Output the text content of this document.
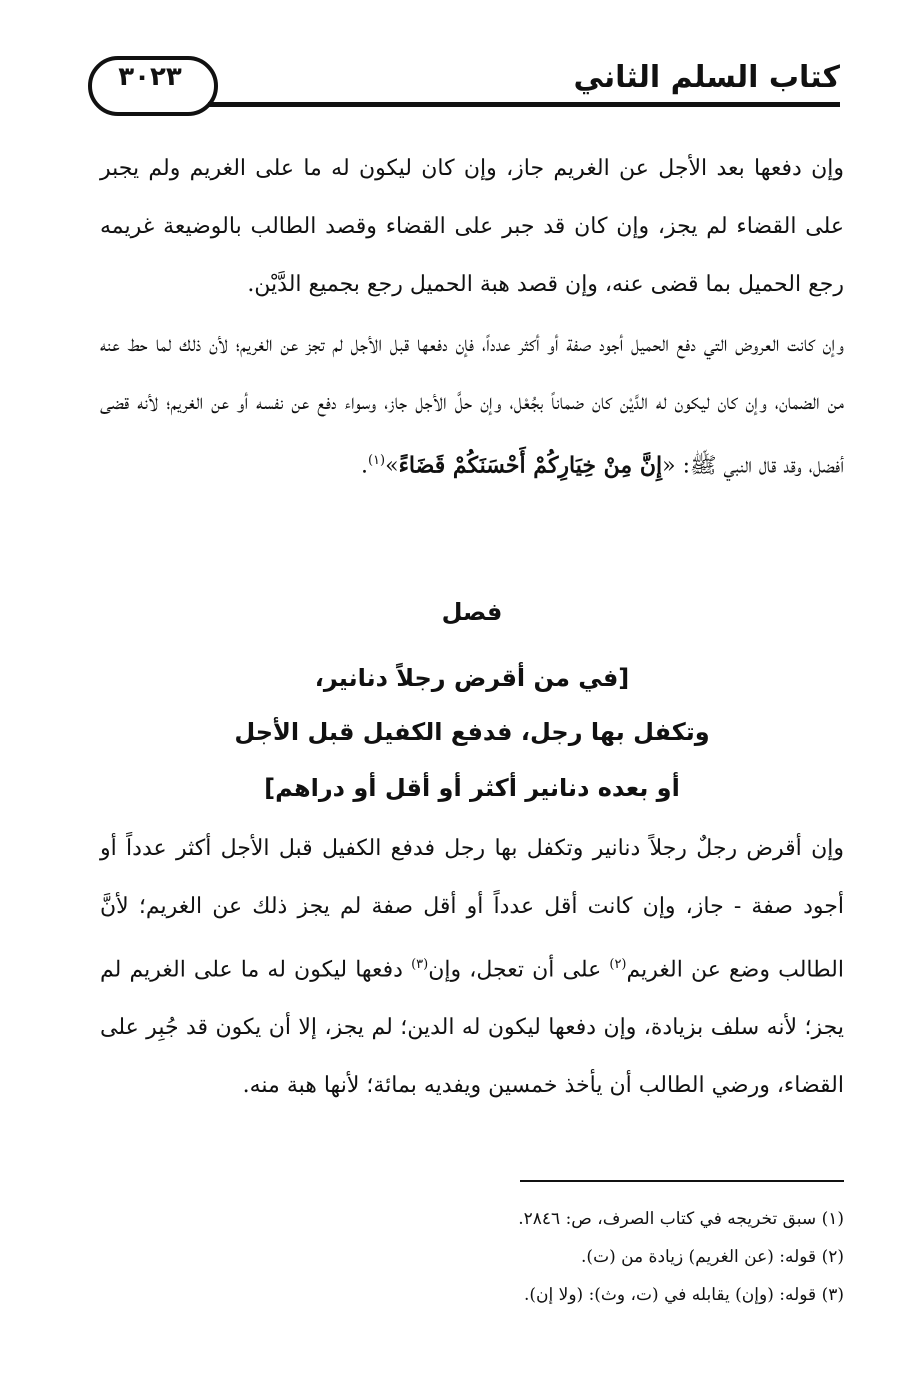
كتاب السلم الثاني
٣٠٢٣

وإن دفعها بعد الأجل عن الغريم جاز، وإن كان ليكون له ما على الغريم ولم يجبر على القضاء لم يجز، وإن كان قد جبر على القضاء وقصد الطالب بالوضيعة غريمه رجع الحميل بما قضى عنه، وإن قصد هبة الحميل رجع بجميع الدَّيْن.

وإن كانت العروض التي دفع الحميل أجود صفة أو أكثر عدداً، فإن دفعها قبل الأجل لم تجز عن الغريم؛ لأن ذلك لما حط عنه من الضمان، وإن كان ليكون له الدَّيْن كان ضماناً بجُعْل، وإن حلَّ الأجل جاز، وسواء دفع عن نفسه أو عن الغريم؛ لأنه قضى أفضل، وقد قال النبي ﷺ: «إِنَّ مِنْ خِيَارِكُمْ أَحْسَنَكُمْ قَضَاءً»$^{(١)}$.

فصل
[في من أقرض رجلاً دنانير،
وتكفل بها رجل، فدفع الكفيل قبل الأجل
أو بعده دنانير أكثر أو أقل أو دراهم]

وإن أقرض رجلٌ رجلاً دنانير وتكفل بها رجل فدفع الكفيل قبل الأجل أكثر عدداً أو أجود صفة - جاز، وإن كانت أقل عدداً أو أقل صفة لم يجز ذلك عن الغريم؛ لأنَّ الطالب وضع عن الغريم$^{(٢)}$ على أن تعجل، وإن$^{(٣)}$ دفعها ليكون له ما على الغريم لم يجز؛ لأنه سلف بزيادة، وإن دفعها ليكون له الدين؛ لم يجز، إلا أن يكون قد جُبِر على القضاء، ورضي الطالب أن يأخذ خمسين ويفديه بمائة؛ لأنها هبة منه.

(١) سبق تخريجه في كتاب الصرف، ص: ٢٨٤٦.

(٢) قوله: (عن الغريم) زيادة من (ت).

(٣) قوله: (وإن) يقابله في (ت، وث): (ولا إن).
